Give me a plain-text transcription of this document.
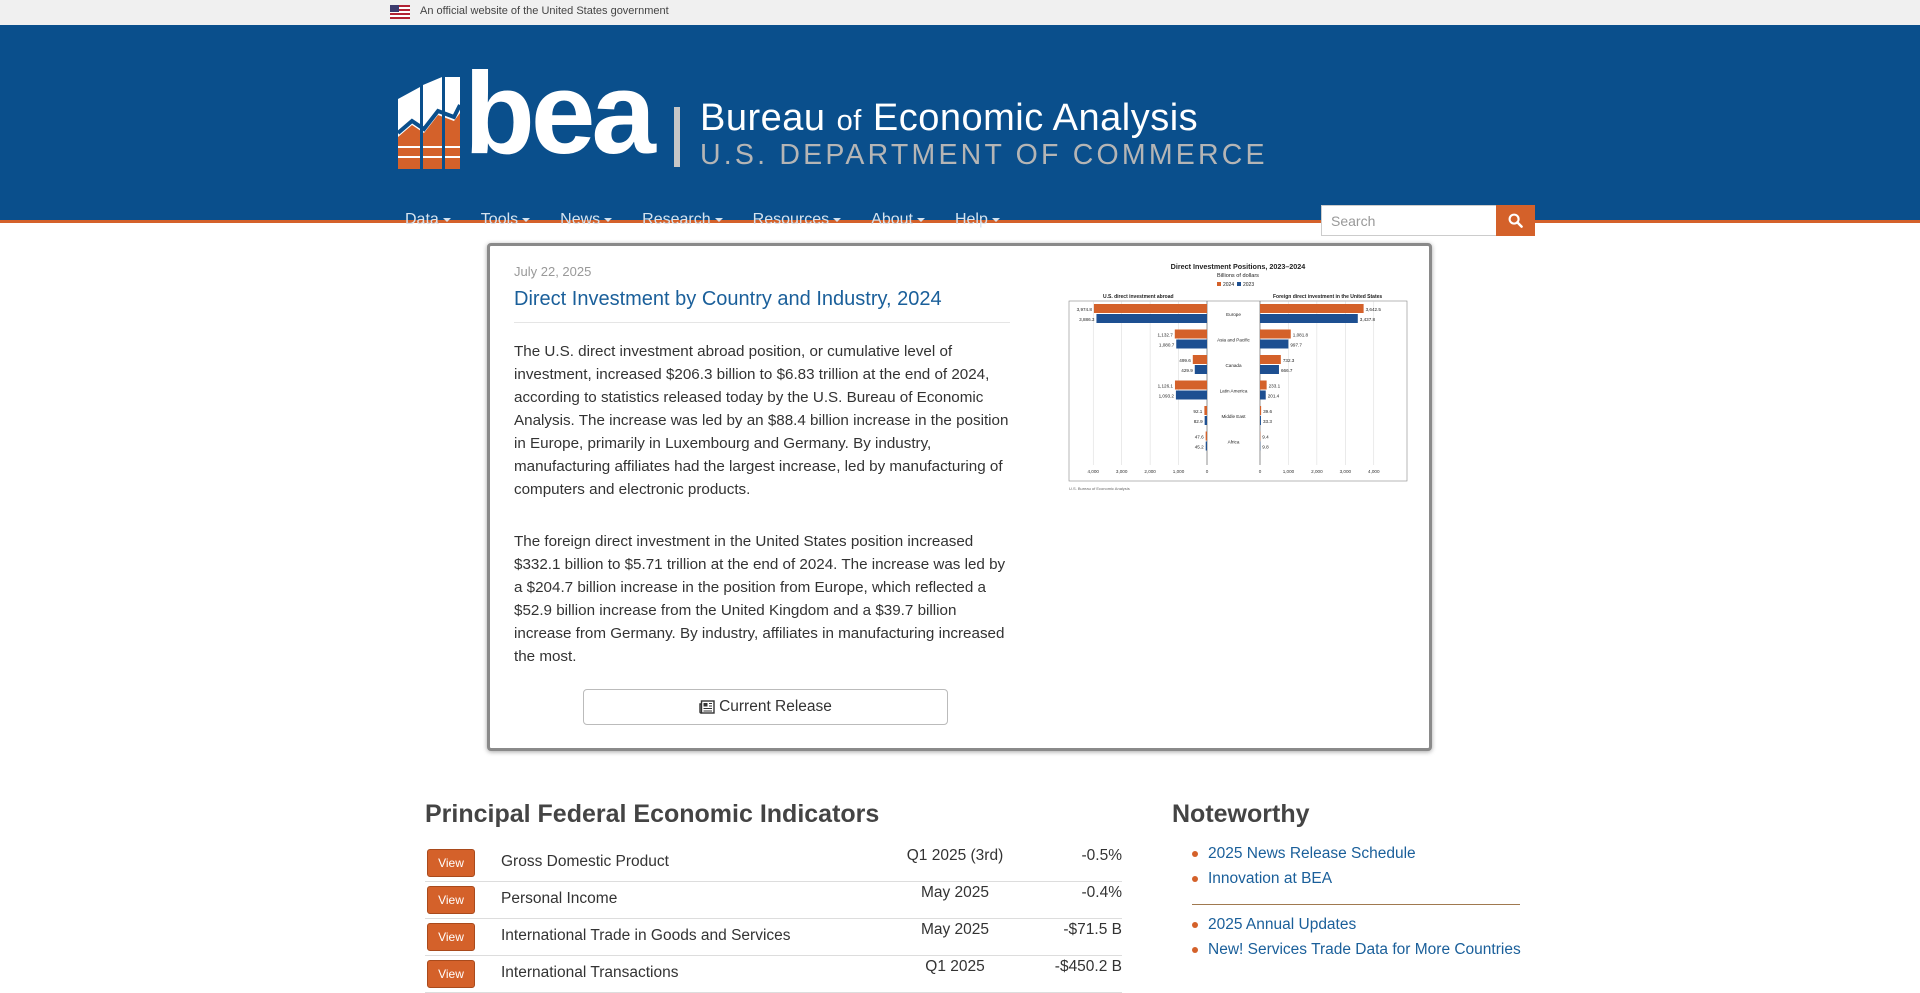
An official website of the United States government
bea Bureau of Economic Analysis
U.S. DEPARTMENT OF COMMERCE
Data	Tools	News	Research	Resources	About	Help
Search
July 22, 2025
Direct Investment by Country and Industry, 2024

The U.S. direct investment abroad position, or cumulative level of investment, increased $206.3 billion to $6.83 trillion at the end of 2024, according to statistics released today by the U.S. Bureau of Economic Analysis. The increase was led by an $88.4 billion increase in the position in Europe, primarily in Luxembourg and Germany. By industry, manufacturing affiliates had the largest increase, led by manufacturing of computers and electronic products.

The foreign direct investment in the United States position increased $332.1 billion to $5.71 trillion at the end of 2024. The increase was led by a $204.7 billion increase in the position from Europe, which reflected a $52.9 billion increase from the United Kingdom and a $39.7 billion increase from Germany. By industry, affiliates in manufacturing increased the most.

Current Release
Direct Investment Positions, 2023–2024
Billions of dollars
2024 2023
U.S. direct investment abroad	Foreign direct investment in the United States
U.S. Bureau of Economic Analysis
0	0
1,000	1,000
2,000	2,000
3,000	3,000
4,000	4,000
3,974.8
3,886.3
3,642.5
3,437.8
Europe
1,132.7
1,080.7
1,081.8
997.7
Asia and Pacific
499.6
429.9
732.3
666.7
Canada
1,126.1
1,093.2
233.1
201.4
Latin America
92.1
82.9
39.6
33.3
Middle East
47.6
45.2
9.4
9.8
Africa
Principal Federal Economic Indicators
View	Gross Domestic Product	Q1 2025 (3rd)	-0.5%
View	Personal Income	May 2025	-0.4%
View	International Trade in Goods and Services	May 2025	-$71.5 B
View	International Transactions	Q1 2025	-$450.2 B
Noteworthy
2025 News Release Schedule
Innovation at BEA
2025 Annual Updates
New! Services Trade Data for More Countries
